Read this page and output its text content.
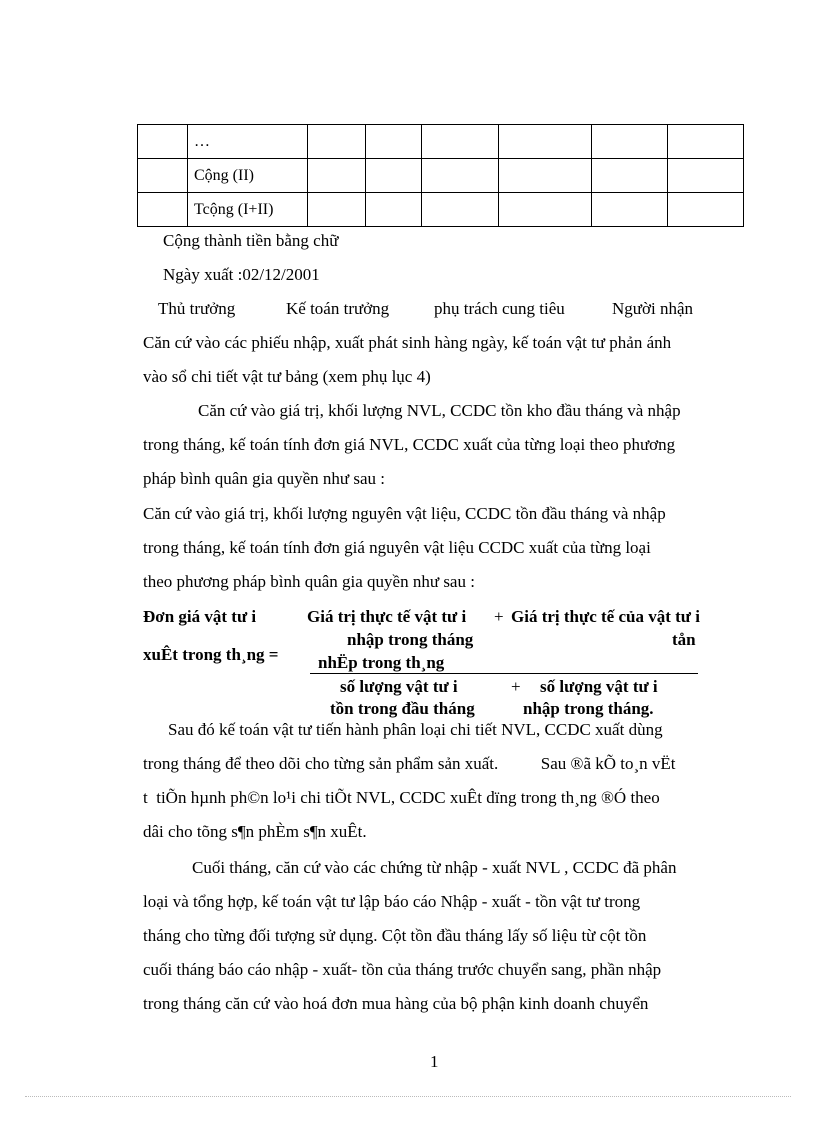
	…						
	Cộng (II)						
	Tcộng (I+II)						
Cộng thành tiền bằng chữ
Ngày xuất :02/12/2001
Thủ trưởng	Kế toán trưởng	phụ trách cung tiêu	Người nhận
Căn cứ vào các phiếu nhập, xuất phát sinh hàng ngày, kế toán vật tư phản ánh
vào sổ chi tiết vật tư bảng (xem phụ lục 4)
Căn cứ vào giá trị, khối lượng NVL, CCDC tồn kho đầu tháng và nhập
trong tháng, kế toán tính đơn giá NVL, CCDC xuất của từng loại theo phương
pháp bình quân gia quyền như sau :
Căn cứ vào giá trị, khối lượng nguyên vật liệu, CCDC tồn đầu tháng và nhập
trong tháng, kế toán tính đơn giá nguyên vật liệu CCDC xuất của từng loại
theo phương pháp bình quân gia quyền như sau :
Đơn giá vật tư i
xuÊt trong th¸ng =
Giá trị thực tế vật tư i + Giá trị thực tế của vật tư i
nhập trong tháng	tån
nhËp trong th¸ng
số lượng vật tư i	+ số lượng vật tư i
tồn trong đầu tháng	nhập trong tháng.
Sau đó kế toán vật tư tiến hành phân loại chi tiết NVL, CCDC xuất dùng
trong tháng để theo dõi cho từng sản phẩm sản xuất.          Sau ®ã kÕ to¸n vËt
t  tiÕn hµnh ph©n lo¹i chi tiÕt NVL, CCDC xuÊt dïng trong th¸ng ®Ó theo
dâi cho tõng s¶n phÈm s¶n xuÊt.
Cuối tháng, căn cứ vào các chứng từ nhập - xuất NVL , CCDC đã phân
loại và tổng hợp, kế toán vật tư lập báo cáo Nhập - xuất - tồn vật tư trong
tháng cho từng đối tượng sử dụng. Cột tồn đầu tháng lấy số liệu từ cột tồn
cuối tháng báo cáo nhập - xuất- tồn của tháng trước chuyển sang, phần nhập
trong tháng căn cứ vào hoá đơn mua hàng của bộ phận kinh doanh chuyển
1
